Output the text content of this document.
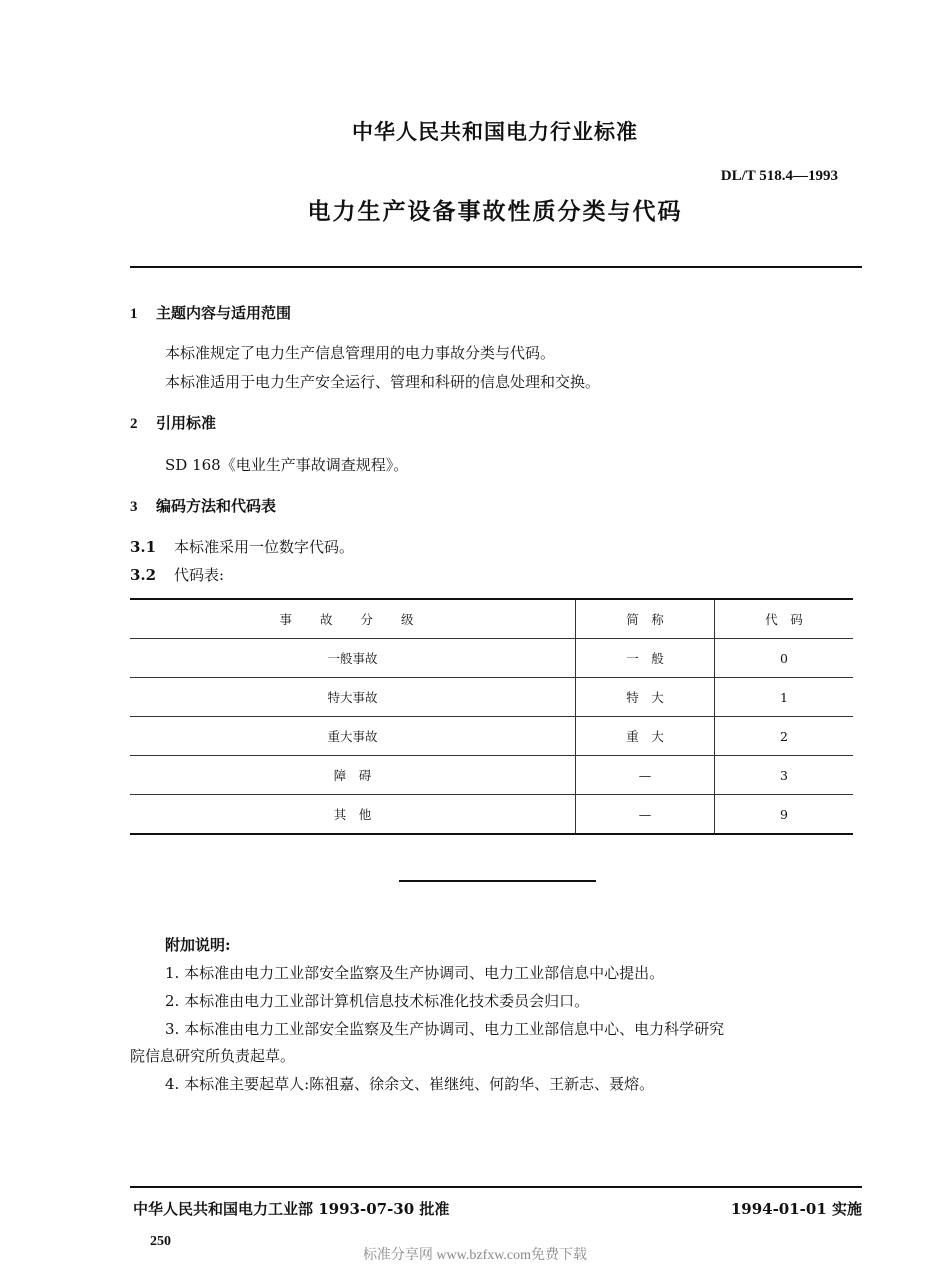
中华人民共和国电力行业标准
DL/T 518.4—1993
电力生产设备事故性质分类与代码
1 主题内容与适用范围
本标准规定了电力生产信息管理用的电力事故分类与代码。
本标准适用于电力生产安全运行、管理和科研的信息处理和交换。
2 引用标准
SD 168《电业生产事故调查规程》。
3 编码方法和代码表
3.1 本标准采用一位数字代码。
3.2 代码表:
事 故 分 级	简　称	代　码
一般事故	一　般	0
特大事故	特　大	1
重大事故	重　大	2
障　碍	—	3
其　他	—	9
附加说明:
1. 本标准由电力工业部安全监察及生产协调司、电力工业部信息中心提出。
2. 本标准由电力工业部计算机信息技术标准化技术委员会归口。
3. 本标准由电力工业部安全监察及生产协调司、电力工业部信息中心、电力科学研究
院信息研究所负责起草。
4. 本标准主要起草人:陈祖嘉、徐余文、崔继纯、何韵华、王新志、聂熔。
中华人民共和国电力工业部 1993-07-30 批准	1994-01-01 实施
250
标准分享网 www.bzfxw.com免费下载
